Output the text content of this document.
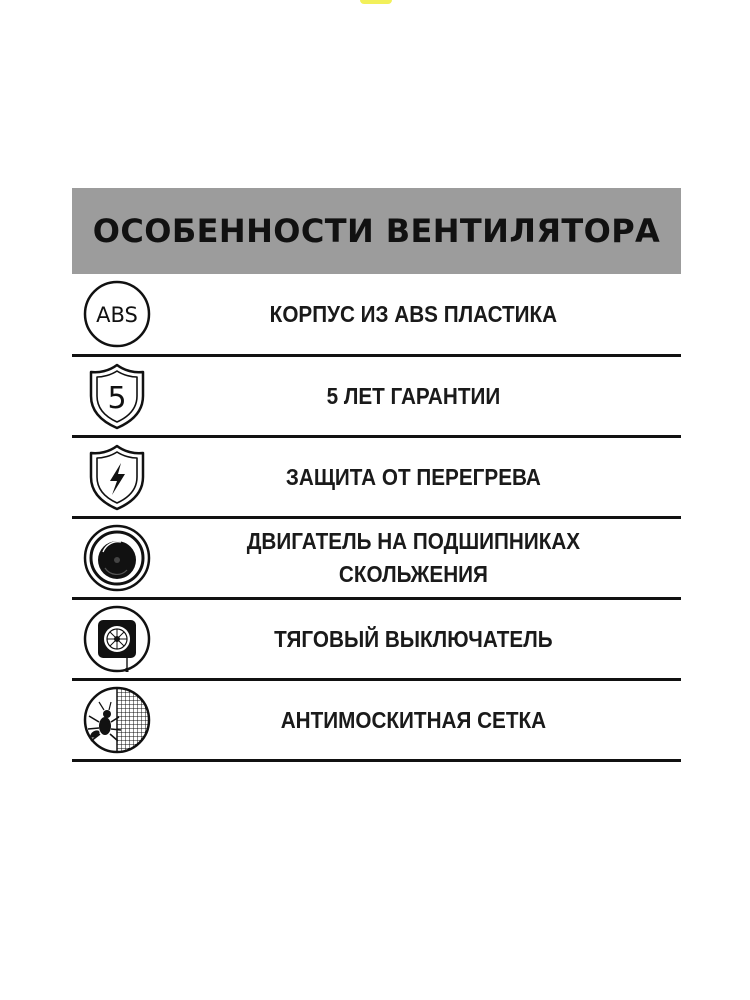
ОСОБЕННОСТИ ВЕНТИЛЯТОРА
ABS	КОРПУС ИЗ ABS ПЛАСТИКА
5	5 ЛЕТ ГАРАНТИИ
ЗАЩИТА ОТ ПЕРЕГРЕВА
ДВИГАТЕЛЬ НА ПОДШИПНИКАХ
СКОЛЬЖЕНИЯ
ТЯГОВЫЙ ВЫКЛЮЧАТЕЛЬ
АНТИМОСКИТНАЯ СЕТКА
